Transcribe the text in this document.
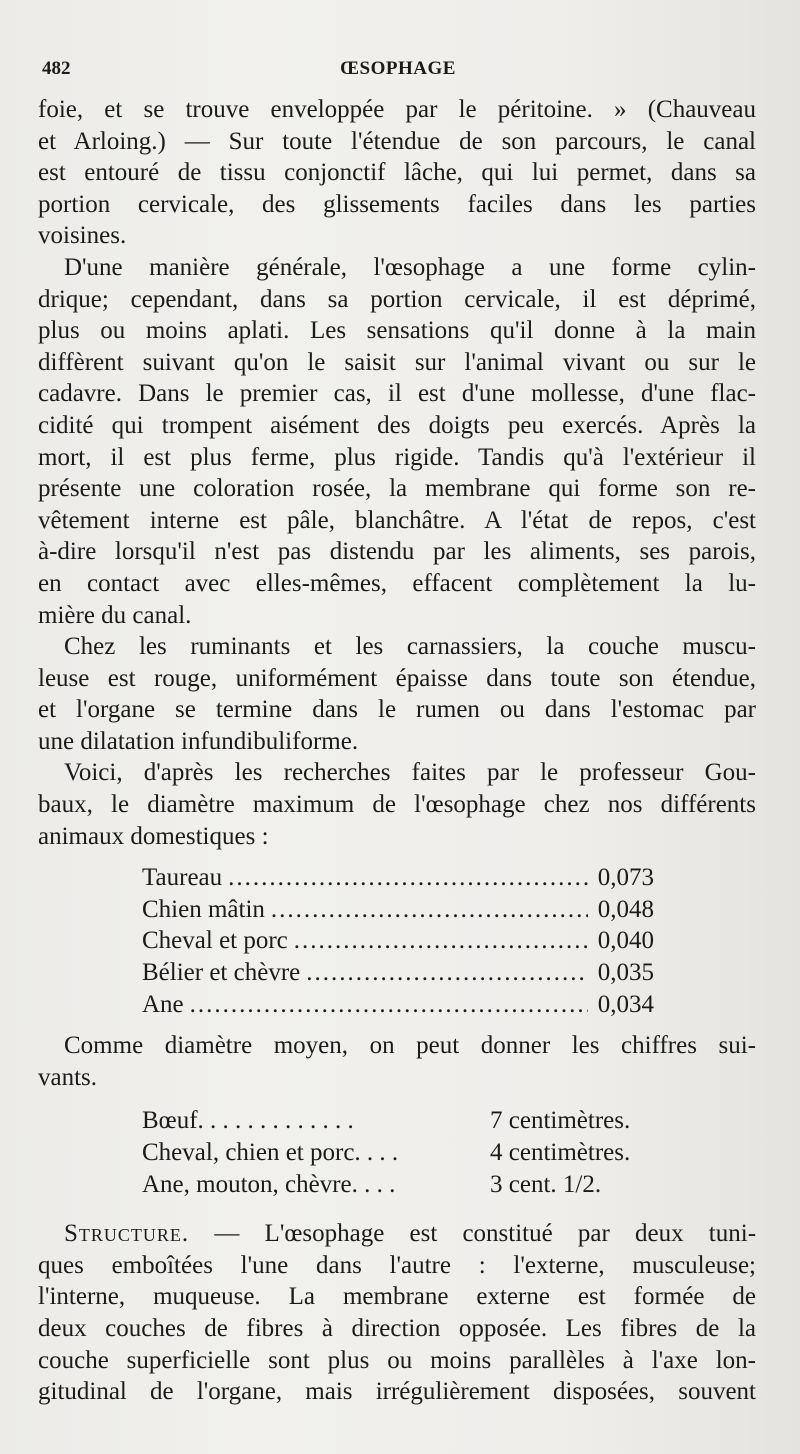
482	ŒSOPHAGE
foie, et se trouve enveloppée par le péritoine. » (Chauveau
et Arloing.) — Sur toute l'étendue de son parcours, le canal
est entouré de tissu conjonctif lâche, qui lui permet, dans sa
portion cervicale, des glissements faciles dans les parties
voisines.
D'une manière générale, l'œsophage a une forme cylin-
drique; cependant, dans sa portion cervicale, il est déprimé,
plus ou moins aplati. Les sensations qu'il donne à la main
diffèrent suivant qu'on le saisit sur l'animal vivant ou sur le
cadavre. Dans le premier cas, il est d'une mollesse, d'une flac-
cidité qui trompent aisément des doigts peu exercés. Après la
mort, il est plus ferme, plus rigide. Tandis qu'à l'extérieur il
présente une coloration rosée, la membrane qui forme son re-
vêtement interne est pâle, blanchâtre. A l'état de repos, c'est
à-dire lorsqu'il n'est pas distendu par les aliments, ses parois,
en contact avec elles-mêmes, effacent complètement la lu-
mière du canal.
Chez les ruminants et les carnassiers, la couche muscu-
leuse est rouge, uniformément épaisse dans toute son étendue,
et l'organe se termine dans le rumen ou dans l'estomac par
une dilatation infundibuliforme.
Voici, d'après les recherches faites par le professeur Gou-
baux, le diamètre maximum de l'œsophage chez nos différents
animaux domestiques :
Taureau .....	0,073
Chien mâtin .....	0,048
Cheval et porc .....	0,040
Bélier et chèvre .....	0,035
Ane .....	0,034
Comme diamètre moyen, on peut donner les chiffres sui-
vants.
Bœuf. . . . . . . . . . . . .	7 centimètres.
Cheval, chien et porc. . . .	4 centimètres.
Ane, mouton, chèvre. . . .	3 cent. 1/2.
Structure. — L'œsophage est constitué par deux tuni-
ques emboîtées l'une dans l'autre : l'externe, musculeuse;
l'interne, muqueuse. La membrane externe est formée de
deux couches de fibres à direction opposée. Les fibres de la
couche superficielle sont plus ou moins parallèles à l'axe lon-
gitudinal de l'organe, mais irrégulièrement disposées, souvent
